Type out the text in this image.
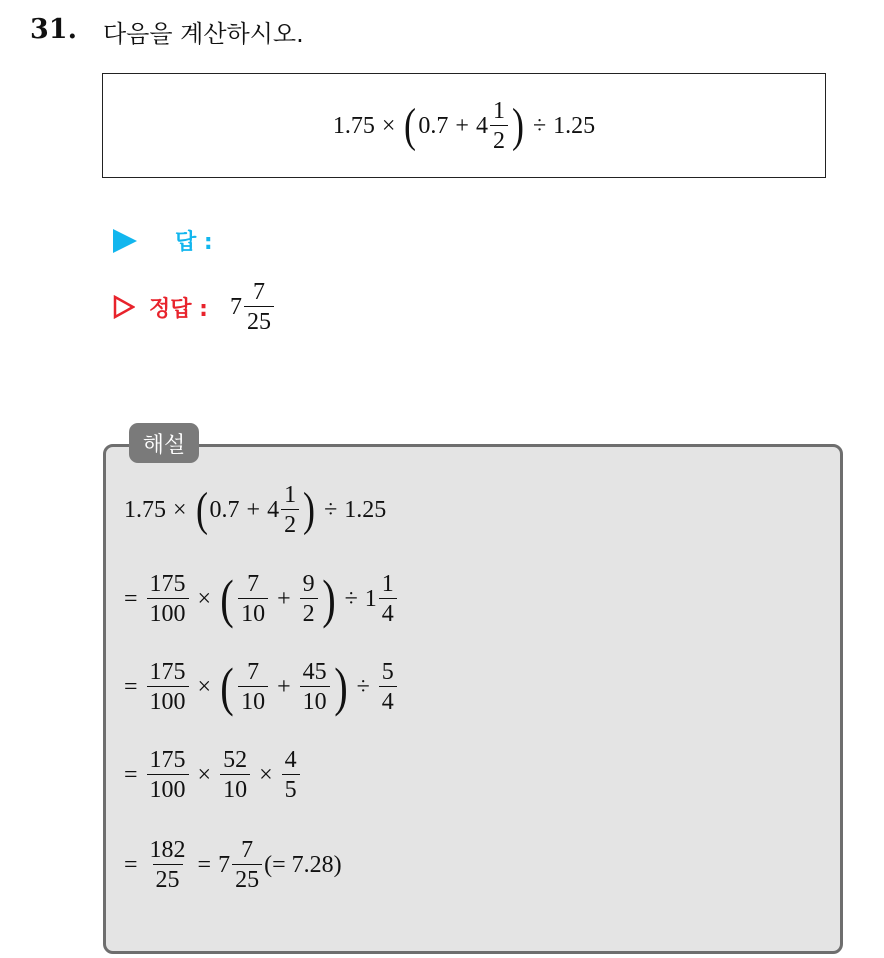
31. 다음을 계산하시오.
1.75 × ( $0.7 + 4 \frac{1}{2}$ ) ÷ 1.25
답 :
정답 : $7 \frac{7}{25}$
해설
1.75 × ( $0.7 + 4 \frac{1}{2}$ ) ÷ 1.25
= $\frac{175}{100}$ × ( $\frac{7}{10} + \frac{9}{2}$ ) ÷ $1 \frac{1}{4}$
= $\frac{175}{100}$ × ( $\frac{7}{10} + \frac{45}{10}$ ) ÷ $\frac{5}{4}$
= $\frac{175}{100} \times \frac{52}{10} \times \frac{4}{5}$
= $\frac{182}{25} = 7 \frac{7}{25}$ (= 7.28)
